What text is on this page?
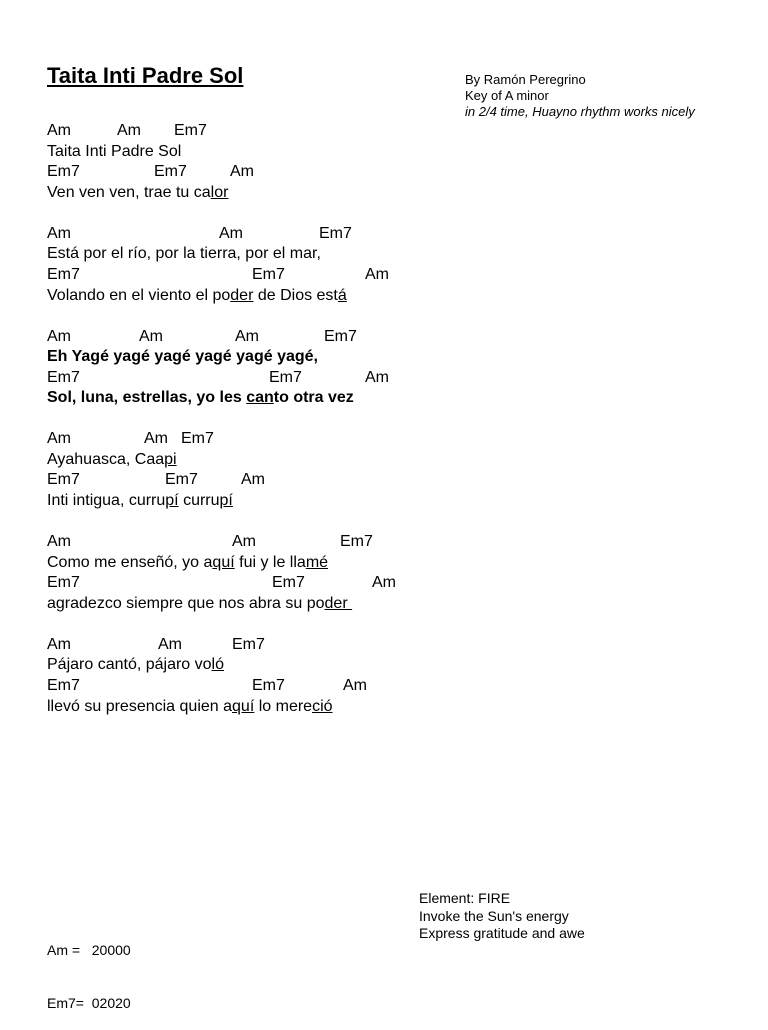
Taita Inti Padre Sol	By Ramón Peregrino
Key of A minor
in 2/4 time, Huayno rhythm works nicely
Am	Am Em7
Taita Inti Padre Sol
Em7	Em7	Am
Ven ven ven, trae tu calor
Am	Am	Em7
Está por el río, por la tierra, por el mar,
Em7	Em7	Am
Volando en el viento el poder de Dios está
Am	Am	Am	Em7
Eh Yagé yagé yagé yagé yagé yagé,
Em7	Em7	Am
Sol, luna, estrellas, yo les canto otra vez
Am	Am Em7
Ayahuasca, Caapi
Em7	Em7	Am
Inti intigua, currupí currupí
Am	Am	Em7
Como me enseñó, yo aquí fui y le llamé
Em7	Em7	Am
agradezco siempre que nos abra su poder
Am	Am	Em7
Pájaro cantó, pájaro voló
Em7	Em7	Am
llevó su presencia quien aquí lo mereció

Am = 20000

Em7= 02020

Element: FIRE
Invoke the Sun's energy
Express gratitude and awe
